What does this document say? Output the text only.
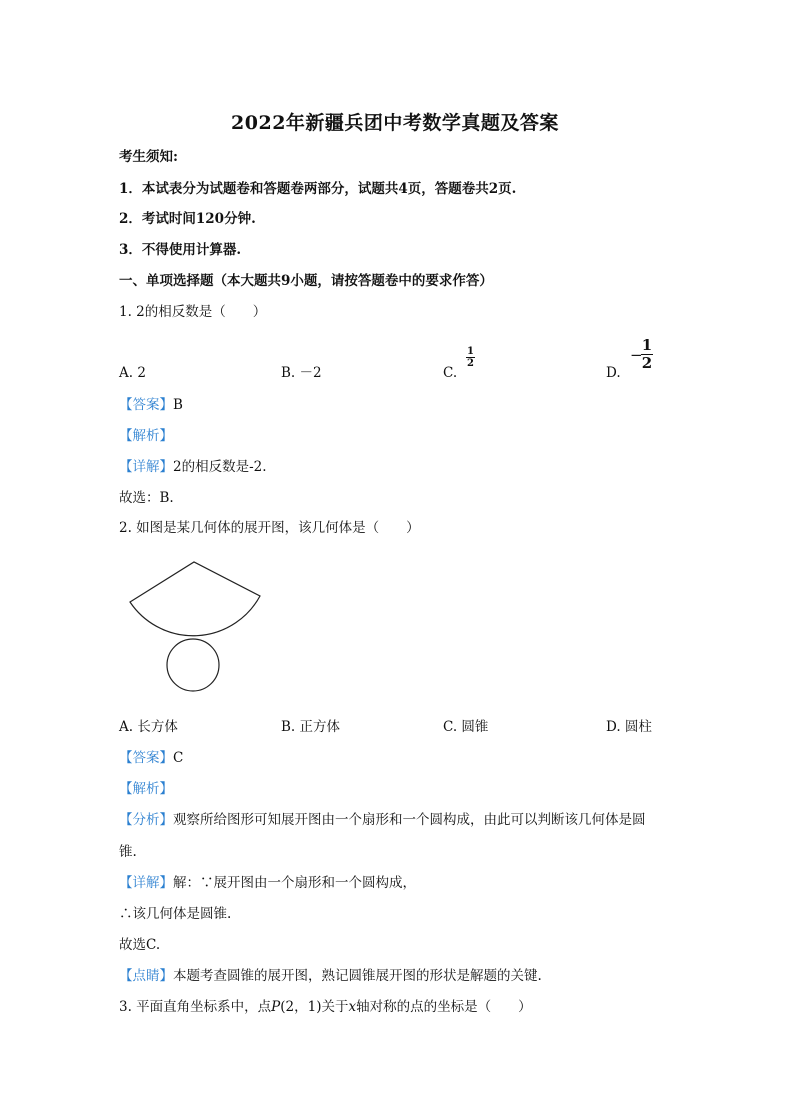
2022年新疆兵团中考数学真题及答案
考生须知:
1．本试表分为试题卷和答题卷两部分，试题共4页，答题卷共2页.
2．考试时间120分钟.
3．不得使用计算器.
一、单项选择题（本大题共9小题，请按答题卷中的要求作答）
1. 2的相反数是（　　）
A. 2	B. －2	C.
1
2
D.
−
1
2
【答案】B
【解析】
【详解】2的相反数是-2.
故选：B.
2. 如图是某几何体的展开图，该几何体是（　　）
A. 长方体	B. 正方体	C. 圆锥	D. 圆柱
【答案】C
【解析】
【分析】观察所给图形可知展开图由一个扇形和一个圆构成，由此可以判断该几何体是圆
锥.
【详解】解：∵展开图由一个扇形和一个圆构成，
∴该几何体是圆锥.
故选C.
【点睛】本题考查圆锥的展开图，熟记圆锥展开图的形状是解题的关键.
3. 平面直角坐标系中，点P(2，1)关于x轴对称的点的坐标是（　　）
